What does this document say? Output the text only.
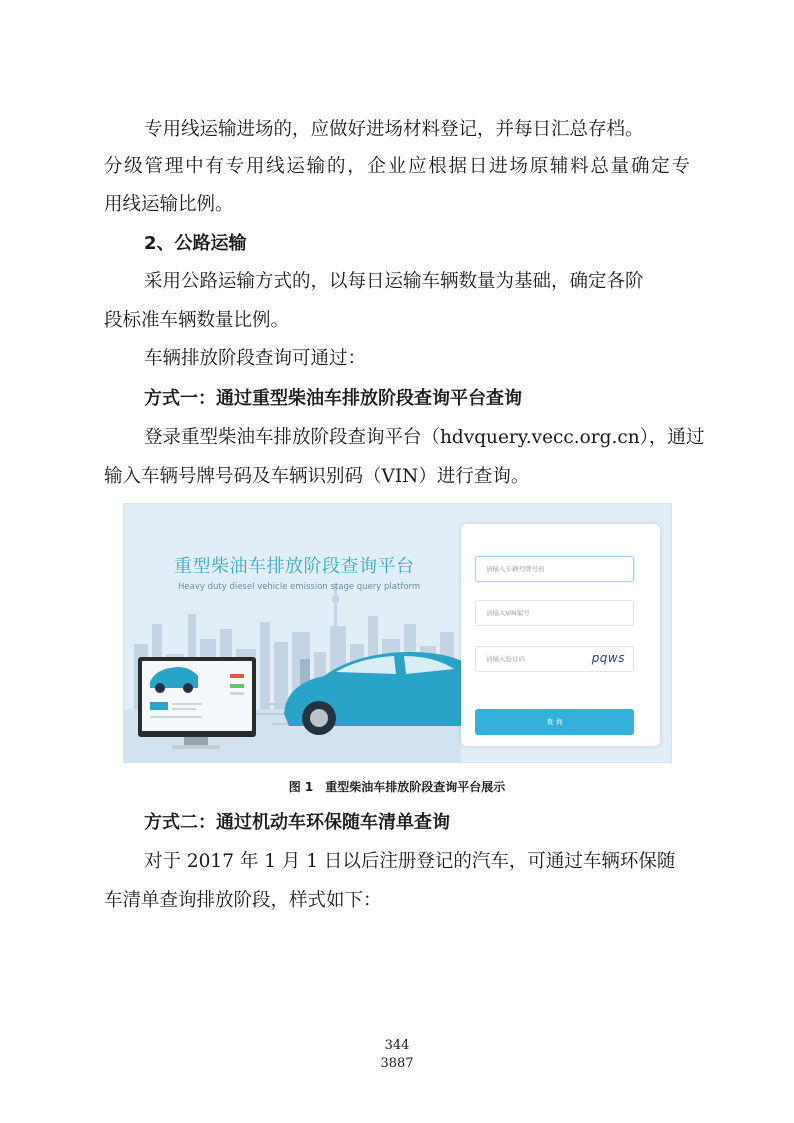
专用线运输进场的，应做好进场材料登记，并每日汇总存档。
分级管理中有专用线运输的，企业应根据日进场原辅料总量确定专
用线运输比例。
2、公路运输
采用公路运输方式的，以每日运输车辆数量为基础，确定各阶
段标准车辆数量比例。
车辆排放阶段查询可通过：
方式一：通过重型柴油车排放阶段查询平台查询
登录重型柴油车排放阶段查询平台（hdvquery.vecc.org.cn），通过
输入车辆号牌号码及车辆识别码（VIN）进行查询。
重型柴油车排放阶段查询平台
Heavy duty diesel vehicle emission stage query platform
请输入车辆号牌号码
请输入VIN编号
请输入验证码	pqws
查 询
图 1　重型柴油车排放阶段查询平台展示
方式二：通过机动车环保随车清单查询
对于 2017 年 1 月 1 日以后注册登记的汽车，可通过车辆环保随
车清单查询排放阶段，样式如下：
344
3887
